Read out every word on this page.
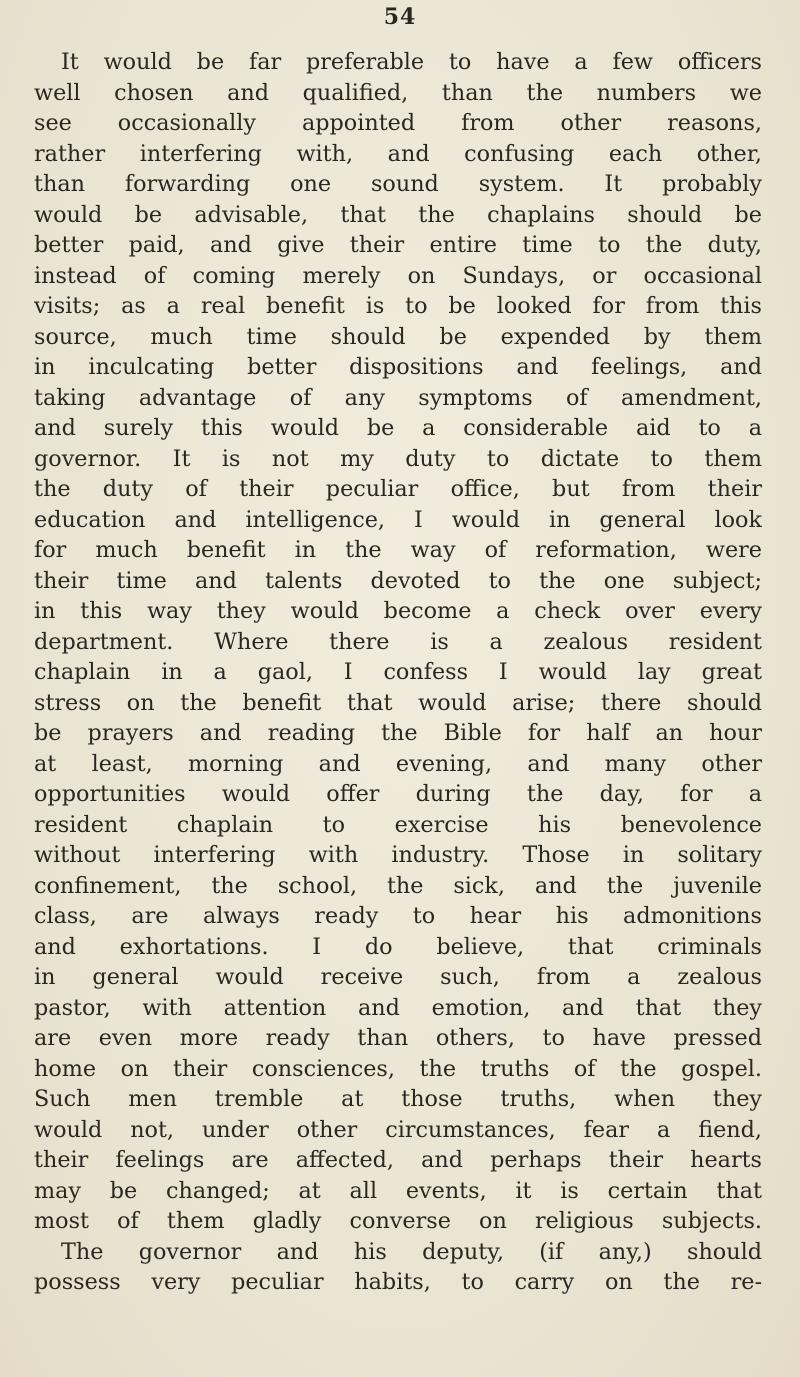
54
It would be far preferable to have a few officers
well chosen and qualified, than the numbers we
see occasionally appointed from other reasons,
rather interfering with, and confusing each other,
than forwarding one sound system. It probably
would be advisable, that the chaplains should be
better paid, and give their entire time to the duty,
instead of coming merely on Sundays, or occasional
visits; as a real benefit is to be looked for from this
source, much time should be expended by them
in inculcating better dispositions and feelings, and
taking advantage of any symptoms of amendment,
and surely this would be a considerable aid to a
governor. It is not my duty to dictate to them
the duty of their peculiar office, but from their
education and intelligence, I would in general look
for much benefit in the way of reformation, were
their time and talents devoted to the one subject;
in this way they would become a check over every
department. Where there is a zealous resident
chaplain in a gaol, I confess I would lay great
stress on the benefit that would arise; there should
be prayers and reading the Bible for half an hour
at least, morning and evening, and many other
opportunities would offer during the day, for a
resident chaplain to exercise his benevolence
without interfering with industry. Those in solitary
confinement, the school, the sick, and the juvenile
class, are always ready to hear his admonitions
and exhortations. I do believe, that criminals
in general would receive such, from a zealous
pastor, with attention and emotion, and that they
are even more ready than others, to have pressed
home on their consciences, the truths of the gospel.
Such men tremble at those truths, when they
would not, under other circumstances, fear a fiend,
their feelings are affected, and perhaps their hearts
may be changed; at all events, it is certain that
most of them gladly converse on religious subjects.
The governor and his deputy, (if any,) should
possess very peculiar habits, to carry on the re-
